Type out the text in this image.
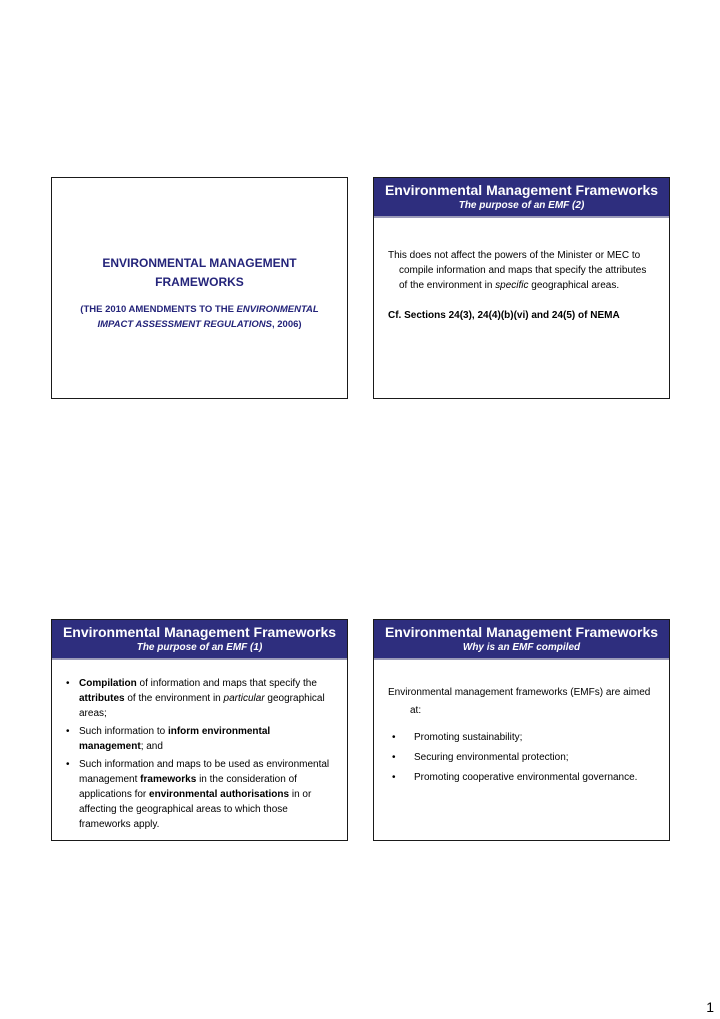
ENVIRONMENTAL MANAGEMENT
FRAMEWORKS
(THE 2010 AMENDMENTS TO THE ENVIRONMENTAL
IMPACT ASSESSMENT REGULATIONS, 2006)
Environmental Management Frameworks
The purpose of an EMF (2)

This does not affect the powers of the Minister or MEC to compile information and maps that specify the attributes of the environment in specific geographical areas.

Cf. Sections 24(3), 24(4)(b)(vi) and 24(5) of NEMA
Environmental Management Frameworks
The purpose of an EMF (1)
• Compilation of information and maps that specify the attributes of the environment in particular geographical areas;
• Such information to inform environmental management; and
• Such information and maps to be used as environmental management frameworks in the consideration of applications for environmental authorisations in or affecting the geographical areas to which those frameworks apply.
Environmental Management Frameworks
Why is an EMF compiled

Environmental management frameworks (EMFs) are aimed at:

• Promoting sustainability;
• Securing environmental protection;
• Promoting cooperative environmental governance.
1
